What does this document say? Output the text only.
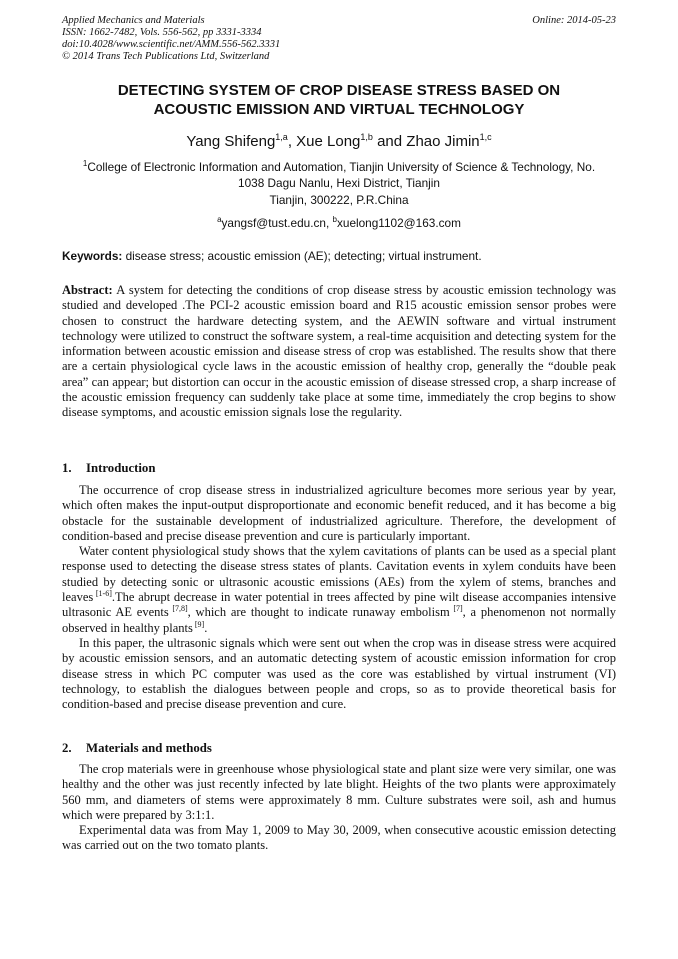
Applied Mechanics and Materials
ISSN: 1662-7482, Vols. 556-562, pp 3331-3334
doi:10.4028/www.scientific.net/AMM.556-562.3331
© 2014 Trans Tech Publications Ltd, Switzerland
Online: 2014-05-23
DETECTING SYSTEM OF CROP DISEASE STRESS BASED ON
ACOUSTIC EMISSION AND VIRTUAL TECHNOLOGY
Yang Shifeng$^{1,a}$, Xue Long$^{1,b}$ and Zhao Jimin$^{1,c}$
$^1$College of Electronic Information and Automation, Tianjin University of Science & Technology, No.
1038 Dagu Nanlu, Hexi District, Tianjin
Tianjin, 300222, P.R.China
$^a$yangsf@tust.edu.cn, $^b$xuelong1102@163.com
Keywords: disease stress; acoustic emission (AE); detecting; virtual instrument.
Abstract: A system for detecting the conditions of crop disease stress by acoustic emission technology was studied and developed .The PCI-2 acoustic emission board and R15 acoustic emission sensor probes were chosen to construct the hardware detecting system, and the AEWIN software and virtual instrument technology were utilized to construct the software system, a real-time acquisition and detecting system for the information between acoustic emission and disease stress of crop was established. The results show that there are a certain physiological cycle laws in the acoustic emission of healthy crop, generally the “double peak area” can appear; but distortion can occur in the acoustic emission of disease stressed crop, a sharp increase of the acoustic emission frequency can suddenly take place at some time, immediately the crop begins to show disease symptoms, and acoustic emission signals lose the regularity.
1. Introduction

The occurrence of crop disease stress in industrialized agriculture becomes more serious year by year, which often makes the input-output disproportionate and economic benefit reduced, and it has become a big obstacle for the sustainable development of industrialized agriculture. Therefore, the development of condition-based and precise disease prevention and cure is particularly important.

Water content physiological study shows that the xylem cavitations of plants can be used as a special plant response used to detecting the disease stress states of plants. Cavitation events in xylem conduits have been studied by detecting sonic or ultrasonic acoustic emissions (AEs) from the xylem of stems, branches and leaves [1-6].The abrupt decrease in water potential in trees affected by pine wilt disease accompanies intensive ultrasonic AE events [7,8], which are thought to indicate runaway embolism [7], a phenomenon not normally observed in healthy plants [9].

In this paper, the ultrasonic signals which were sent out when the crop was in disease stress were acquired by acoustic emission sensors, and an automatic detecting system of acoustic emission information for crop disease stress in which PC computer was used as the core was established by virtual instrument (VI) technology, to establish the dialogues between people and crops, so as to provide theoretical basis for condition-based and precise disease prevention and cure.

2. Materials and methods

The crop materials were in greenhouse whose physiological state and plant size were very similar, one was healthy and the other was just recently infected by late blight. Heights of the two plants were approximately 560 mm, and diameters of stems were approximately 8 mm. Culture substrates were soil, ash and humus which were prepared by 3:1:1.

Experimental data was from May 1, 2009 to May 30, 2009, when consecutive acoustic emission detecting was carried out on the two tomato plants.
